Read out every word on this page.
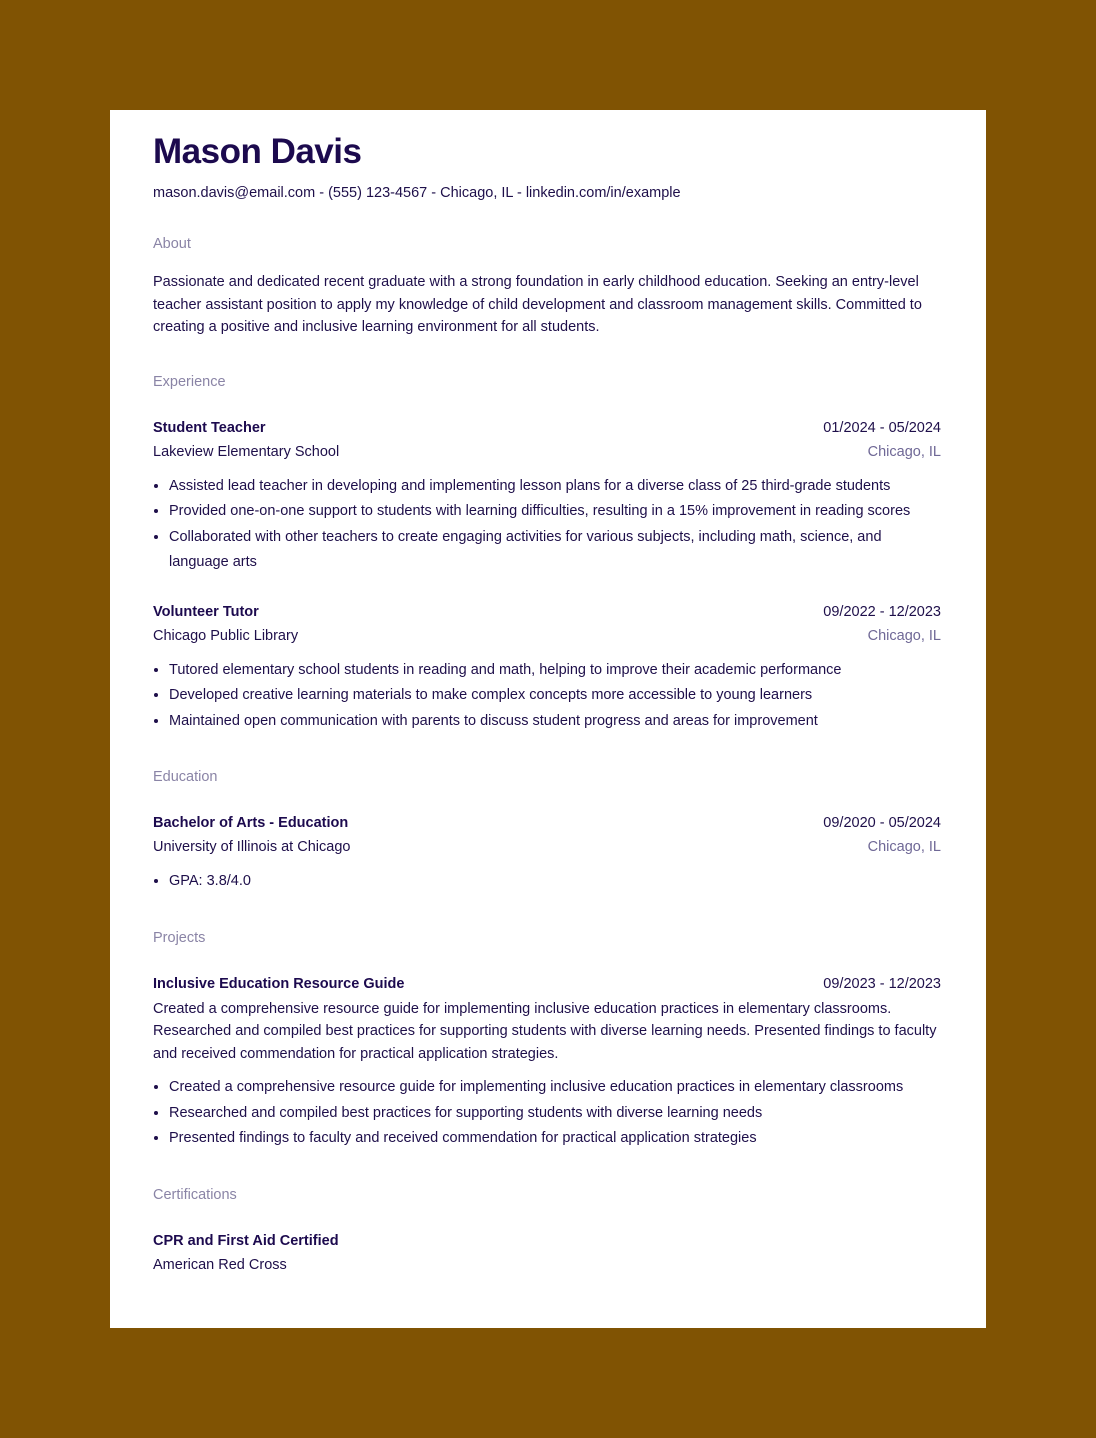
Mason Davis
mason.davis@email.com - (555) 123-4567 - Chicago, IL - linkedin.com/in/example
About
Passionate and dedicated recent graduate with a strong foundation in early childhood education. Seeking an entry-level teacher assistant position to apply my knowledge of child development and classroom management skills. Committed to creating a positive and inclusive learning environment for all students.
Experience
Student Teacher	01/2024 - 05/2024
Lakeview Elementary School	Chicago, IL
• Assisted lead teacher in developing and implementing lesson plans for a diverse class of 25 third-grade students
• Provided one-on-one support to students with learning difficulties, resulting in a 15% improvement in reading scores
• Collaborated with other teachers to create engaging activities for various subjects, including math, science, and language arts
Volunteer Tutor	09/2022 - 12/2023
Chicago Public Library	Chicago, IL
• Tutored elementary school students in reading and math, helping to improve their academic performance
• Developed creative learning materials to make complex concepts more accessible to young learners
• Maintained open communication with parents to discuss student progress and areas for improvement
Education
Bachelor of Arts - Education	09/2020 - 05/2024
University of Illinois at Chicago	Chicago, IL
• GPA: 3.8/4.0
Projects
Inclusive Education Resource Guide	09/2023 - 12/2023
Created a comprehensive resource guide for implementing inclusive education practices in elementary classrooms. Researched and compiled best practices for supporting students with diverse learning needs. Presented findings to faculty and received commendation for practical application strategies.
• Created a comprehensive resource guide for implementing inclusive education practices in elementary classrooms
• Researched and compiled best practices for supporting students with diverse learning needs
• Presented findings to faculty and received commendation for practical application strategies
Certifications
CPR and First Aid Certified
American Red Cross
